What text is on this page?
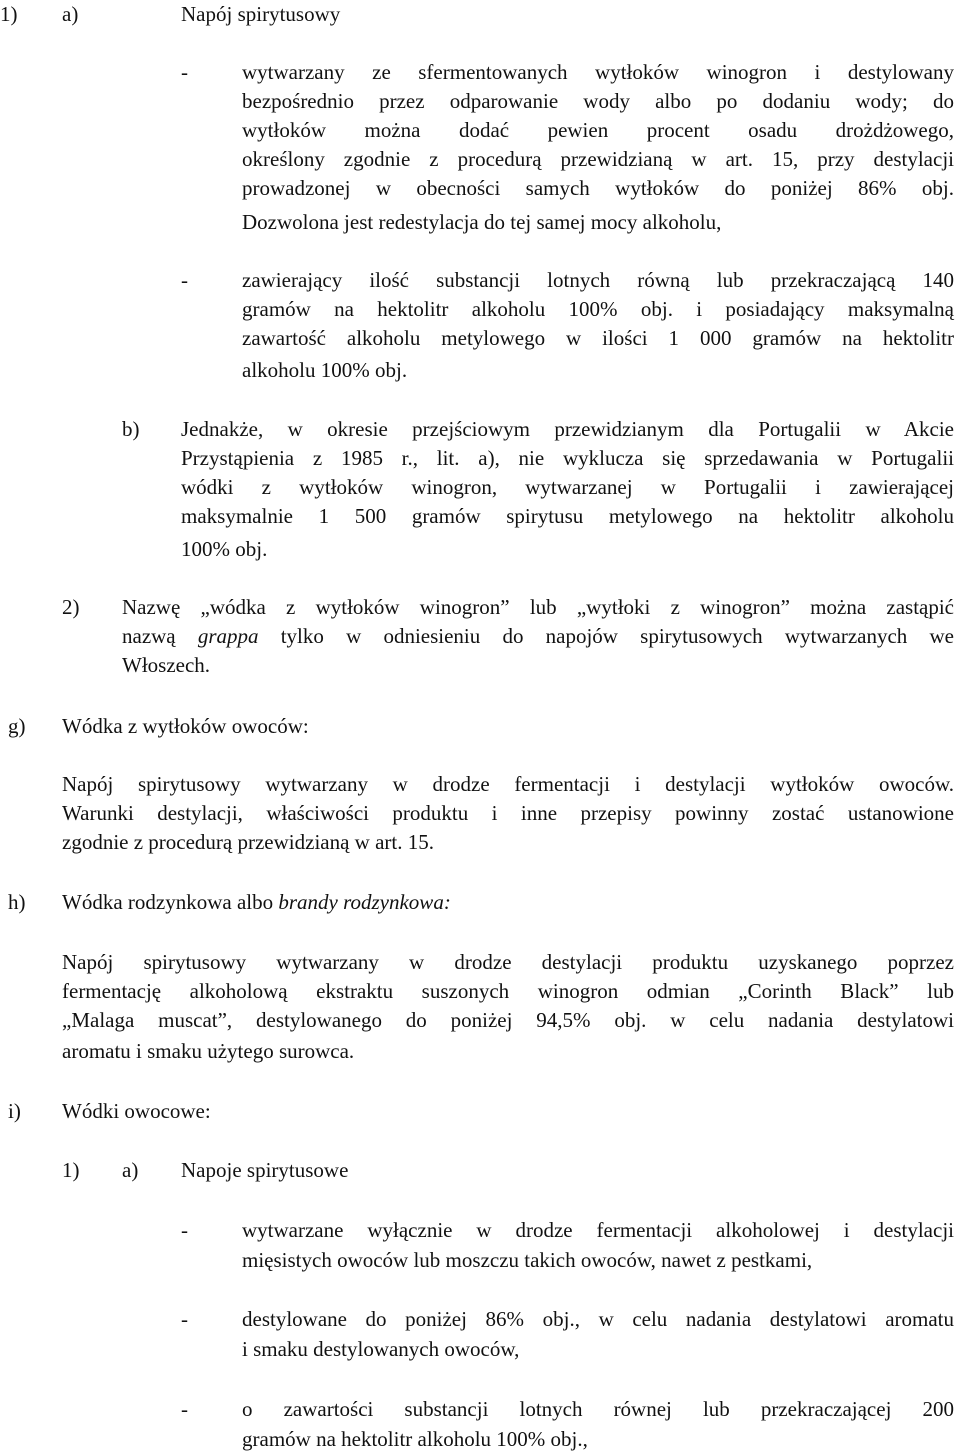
1) a)	Napój spirytusowy
-	wytwarzany ze sfermentowanych wytłoków winogron i destylowany

bezpośrednio przez odparowanie wody albo po dodaniu wody; do

wytłoków można dodać pewien procent osadu drożdżowego,

określony zgodnie z procedurą przewidzianą w art. 15, przy destylacji

prowadzonej w obecności samych wytłoków do poniżej 86% obj.

Dozwolona jest redestylacja do tej samej mocy alkoholu,
-	zawierający ilość substancji lotnych równą lub przekraczającą 140

gramów na hektolitr alkoholu 100% obj. i posiadający maksymalną

zawartość alkoholu metylowego w ilości 1 000 gramów na hektolitr

alkoholu 100% obj.
b) Jednakże, w okresie przejściowym przewidzianym dla Portugalii w Akcie

Przystąpienia z 1985 r., lit. a), nie wyklucza się sprzedawania w Portugalii

wódki z wytłoków winogron, wytwarzanej w Portugalii i zawierającej

maksymalnie 1 500 gramów spirytusu metylowego na hektolitr alkoholu

100% obj.
2) Nazwę „wódka z wytłoków winogron” lub „wytłoki z winogron” można zastąpić

nazwą grappa tylko w odniesieniu do napojów spirytusowych wytwarzanych we

Włoszech.
g) Wódka z wytłoków owoców:

Napój spirytusowy wytwarzany w drodze fermentacji i destylacji wytłoków owoców.

Warunki destylacji, właściwości produktu i inne przepisy powinny zostać ustanowione

zgodnie z procedurą przewidzianą w art. 15.
h) Wódka rodzynkowa albo brandy rodzynkowa:

Napój spirytusowy wytwarzany w drodze destylacji produktu uzyskanego poprzez

fermentację alkoholową ekstraktu suszonych winogron odmian „Corinth Black” lub

„Malaga muscat”, destylowanego do poniżej 94,5% obj. w celu nadania destylatowi

aromatu i smaku użytego surowca.
i) Wódki owocowe:
1) a) Napoje spirytusowe
-	wytwarzane wyłącznie w drodze fermentacji alkoholowej i destylacji

mięsistych owoców lub moszczu takich owoców, nawet z pestkami,
-	destylowane do poniżej 86% obj., w celu nadania destylatowi aromatu

i smaku destylowanych owoców,
-	o zawartości substancji lotnych równej lub przekraczającej 200

gramów na hektolitr alkoholu 100% obj.,
